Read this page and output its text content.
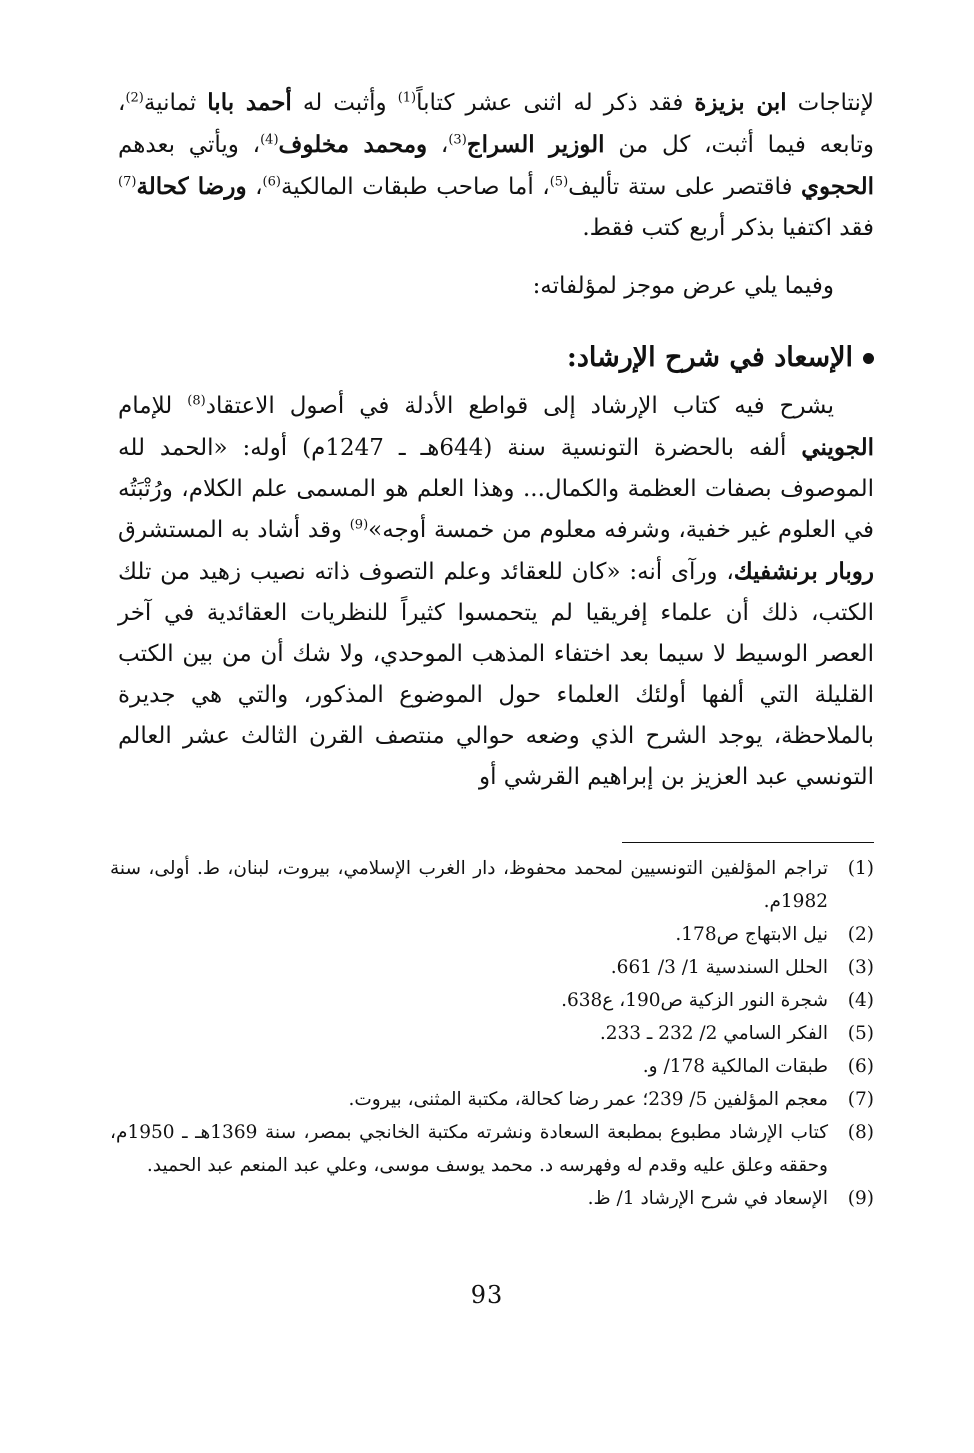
لإنتاجات ابن بزيزة فقد ذكر له اثنى عشر كتاباً$^{(1)}$ وأثبت له أحمد بابا ثمانية$^{(2)}$، وتابعه فيما أثبت، كل من الوزير السراج$^{(3)}$، ومحمد مخلوف$^{(4)}$، ويأتي بعدهم الحجوي فاقتصر على ستة تأليف$^{(5)}$، أما صاحب طبقات المالكية$^{(6)}$، ورضا كحالة$^{(7)}$ فقد اكتفيا بذكر أربع كتب فقط.
وفيما يلي عرض موجز لمؤلفاته:
الإسعاد في شرح الإرشاد:
يشرح فيه كتاب الإرشاد إلى قواطع الأدلة في أصول الاعتقاد$^{(8)}$ للإمام الجويني ألفه بالحضرة التونسية سنة (644هـ ـ 1247م) أوله: «الحمد لله الموصوف بصفات العظمة والكمال... وهذا العلم هو المسمى علم الكلام، ورُتْبَتُه في العلوم غير خفية، وشرفه معلوم من خمسة أوجه»$^{(9)}$ وقد أشاد به المستشرق روبار برنشفيك، ورآى أنه: «كان للعقائد وعلم التصوف ذاته نصيب زهيد من تلك الكتب، ذلك أن علماء إفريقيا لم يتحمسوا كثيراً للنظريات العقائدية في آخر العصر الوسيط لا سيما بعد اختفاء المذهب الموحدي، ولا شك أن من بين الكتب القليلة التي ألفها أولئك العلماء حول الموضوع المذكور، والتي هي جديرة بالملاحظة، يوجد الشرح الذي وضعه حوالي منتصف القرن الثالث عشر العالم التونسي عبد العزيز بن إبراهيم القرشي أو
(1)
تراجم المؤلفين التونسيين لمحمد محفوظ، دار الغرب الإسلامي، بيروت، لبنان، ط. أولى، سنة 1982م.
(2)
نيل الابتهاج ص178.
(3)
الحلل السندسية 1/ 3/ 661.
(4)
شجرة النور الزكية ص190، ع638.
(5)
الفكر السامي 2/ 232 ـ 233.
(6)
طبقات المالكية 178/ و.
(7)
معجم المؤلفين 5/ 239؛ عمر رضا كحالة، مكتبة المثنى، بيروت.
(8)
كتاب الإرشاد مطبوع بمطبعة السعادة ونشرته مكتبة الخانجي بمصر، سنة 1369هـ ـ 1950م، وحققه وعلق عليه وقدم له وفهرسه د. محمد يوسف موسى، وعلي عبد المنعم عبد الحميد.
(9)
الإسعاد في شرح الإرشاد 1/ ظ.
93
